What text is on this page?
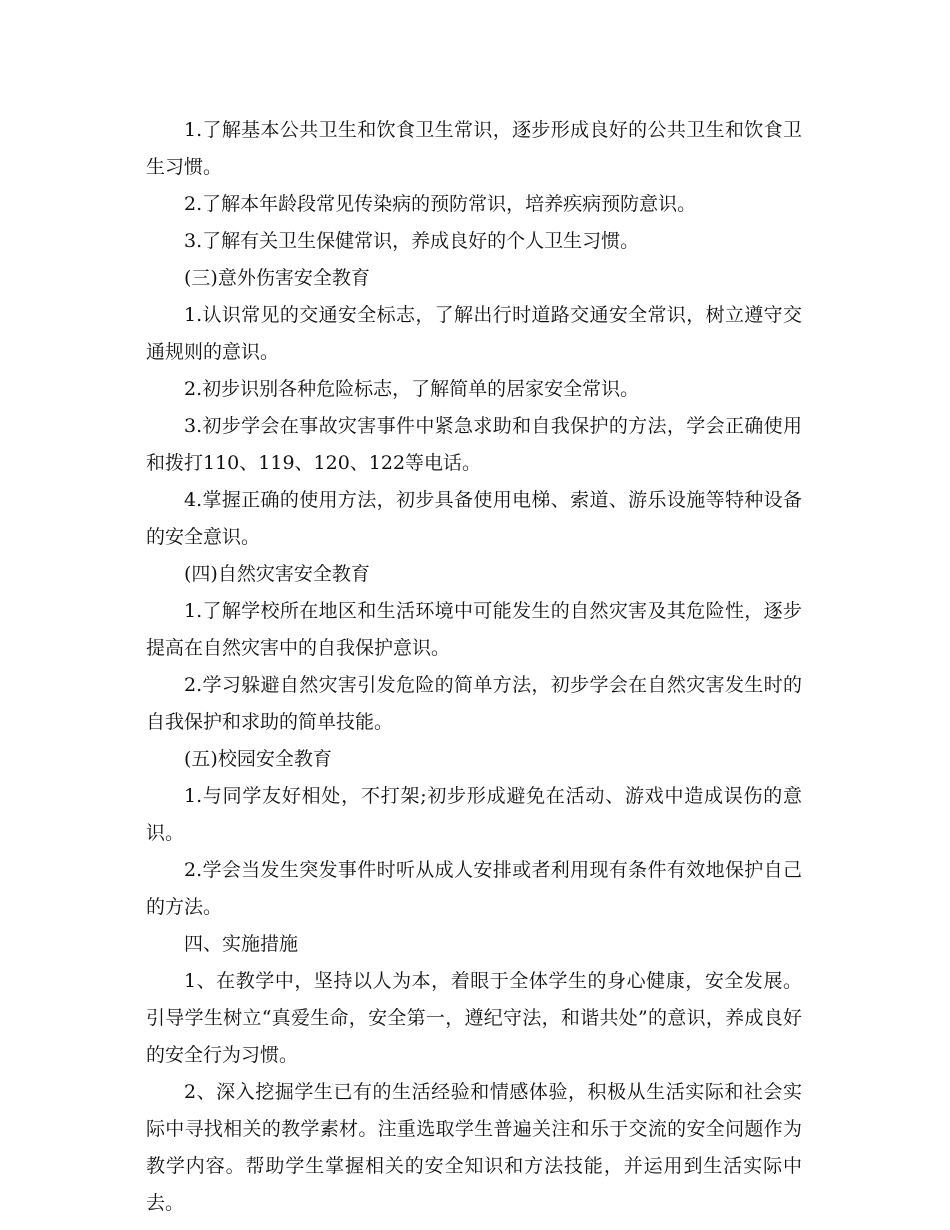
1.了解基本公共卫生和饮食卫生常识，逐步形成良好的公共卫生和饮食卫生习惯。

2.了解本年龄段常见传染病的预防常识，培养疾病预防意识。

3.了解有关卫生保健常识，养成良好的个人卫生习惯。

(三)意外伤害安全教育

1.认识常见的交通安全标志，了解出行时道路交通安全常识，树立遵守交通规则的意识。

2.初步识别各种危险标志，了解简单的居家安全常识。

3.初步学会在事故灾害事件中紧急求助和自我保护的方法，学会正确使用和拨打110、119、120、122等电话。

4.掌握正确的使用方法，初步具备使用电梯、索道、游乐设施等特种设备的安全意识。

(四)自然灾害安全教育

1.了解学校所在地区和生活环境中可能发生的自然灾害及其危险性，逐步提高在自然灾害中的自我保护意识。

2.学习躲避自然灾害引发危险的简单方法，初步学会在自然灾害发生时的自我保护和求助的简单技能。

(五)校园安全教育

1.与同学友好相处，不打架;初步形成避免在活动、游戏中造成误伤的意识。

2.学会当发生突发事件时听从成人安排或者利用现有条件有效地保护自己的方法。

四、实施措施

1、在教学中，坚持以人为本，着眼于全体学生的身心健康，安全发展。引导学生树立“真爱生命，安全第一，遵纪守法，和谐共处”的意识，养成良好的安全行为习惯。

2、深入挖掘学生已有的生活经验和情感体验，积极从生活实际和社会实际中寻找相关的教学素材。注重选取学生普遍关注和乐于交流的安全问题作为教学内容。帮助学生掌握相关的安全知识和方法技能，并运用到生活实际中去。
